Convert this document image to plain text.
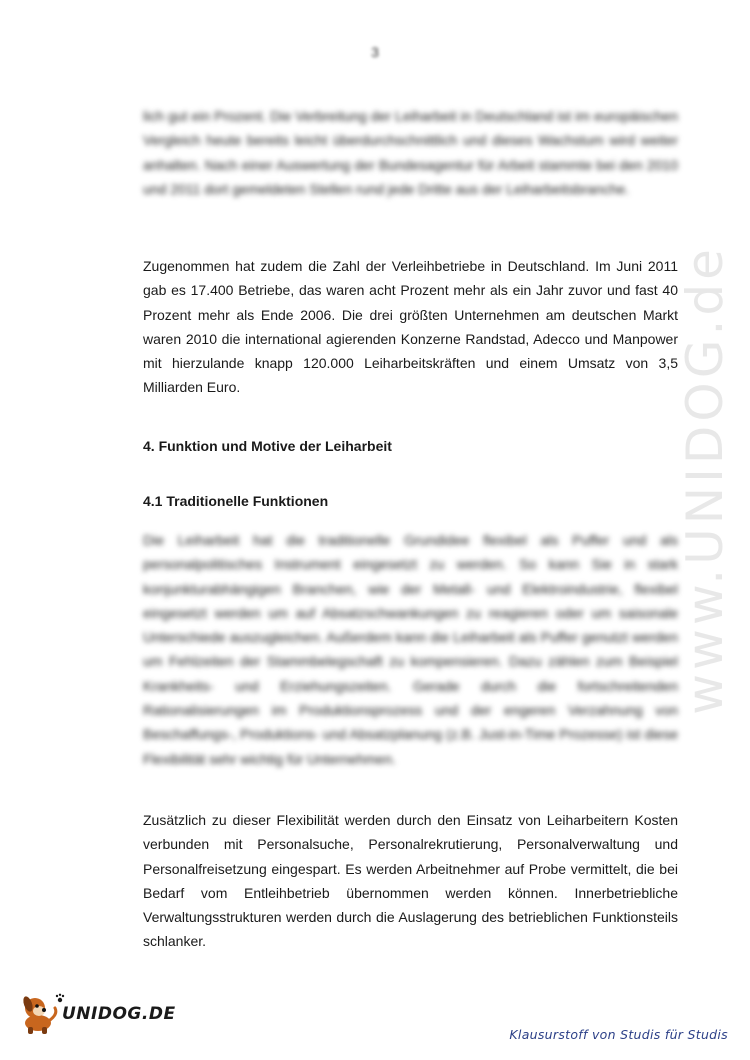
3
lich gut ein Prozent. Die Verbreitung der Leiharbeit in Deutschland ist im europäischen Vergleich heute bereits leicht überdurchschnittlich und dieses Wachstum wird weiter anhalten. Nach einer Auswertung der Bundesagentur für Arbeit stammte bei den 2010 und 2011 dort gemeldeten Stellen rund jede Dritte aus der Leiharbeitsbranche.
Zugenommen hat zudem die Zahl der Verleihbetriebe in Deutschland. Im Juni 2011 gab es 17.400 Betriebe, das waren acht Prozent mehr als ein Jahr zuvor und fast 40 Prozent mehr als Ende 2006. Die drei größten Unternehmen am deutschen Markt waren 2010 die international agierenden Konzerne Randstad, Adecco und Manpower mit hierzulande knapp 120.000 Leiharbeitskräften und einem Umsatz von 3,5 Milliarden Euro.
4. Funktion und Motive der Leiharbeit
4.1 Traditionelle Funktionen
Die Leiharbeit hat die traditionelle Grundidee flexibel als Puffer und als personalpolitisches Instrument eingesetzt zu werden. So kann Sie in stark konjunkturabhängigen Branchen, wie der Metall- und Elektroindustrie, flexibel eingesetzt werden um auf Absatzschwankungen zu reagieren oder um saisonale Unterschiede auszugleichen. Außerdem kann die Leiharbeit als Puffer genutzt werden um Fehlzeiten der Stammbelegschaft zu kompensieren. Dazu zählen zum Beispiel Krankheits- und Erziehungszeiten. Gerade durch die fortschreitenden Rationalisierungen im Produktionsprozess und der engeren Verzahnung von Beschaffungs-, Produktions- und Absatzplanung (z.B. Just-in-Time Prozesse) ist diese Flexibilität sehr wichtig für Unternehmen.
Zusätzlich zu dieser Flexibilität werden durch den Einsatz von Leiharbeitern Kosten verbunden mit Personalsuche, Personalrekrutierung, Personalverwaltung und Personalfreisetzung eingespart. Es werden Arbeitnehmer auf Probe vermittelt, die bei Bedarf vom Entleihbetrieb übernommen werden können. Innerbetriebliche Verwaltungsstrukturen werden durch die Auslagerung des betrieblichen Funktionsteils schlanker.
www.UNIDOG.de
UNIDOG.DE
Klausurstoff von Studis für Studis
